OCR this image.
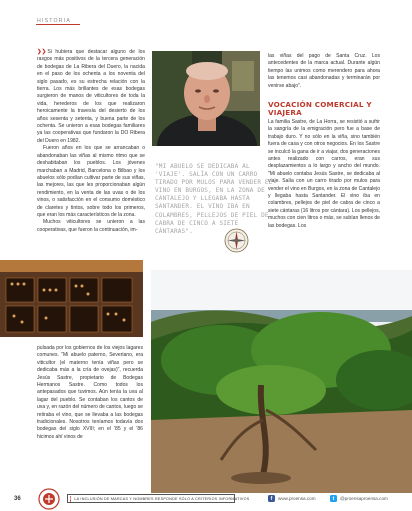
HISTORIA

❯❯Si hubiera que destacar alguno de los rasgos más positivos de la tercera generación de bodegas de La Ribera del Duero, la nacida en el paso de los ochenta a los noventa del siglo pasado, es su estrecha relación con la tierra. Los más brillantes de esas bodegas surgieron de manos de viticultores de toda la vida, herederos de los que realizaron heroicamente la travesía del desierto de los años sesenta y setenta, y buena parte de los ochenta. Se unieron a esas bodegas familiares ya las cooperativas que fundaron la DO Ribera del Duero en 1982.

Fueron años en los que se arrancaban o abandonaban las viñas al mismo ritmo que se deshabitaban los pueblos. Los jóvenes marchaban a Madrid, Barcelona o Bilbao y los abuelos sólo podían cultivar parte de sus viñas, las mejores, las que les proporcionaban algún rendimiento, en la venta de las uvas o de los vinos, o satisfacción en el consumo doméstico de claretes y tintos, sobre todo los primeros, que eran los más característicos de la zona.

Muchos viticultores se unieron a las cooperativas, que fueron la continuación, im-

las viñas del pago de Santa Cruz. Los antecedentes de la marca actual. Durante algún tiempo las unimos como merendero para ahora las tenemos casi abandonadas y terminarán por venirse abajo".

VOCACIÓN COMERCIAL Y VIAJERA

La familia Sastre, de La Horra, se resistió a sufrir la sangría de la emigración pero fue a base de trabajo duro. Y no sólo en la viña, sino también fuera de casa y con otros negocios. En los Sastre se inculcó la gana de ir a viajar, dos generaciones antes realizado con carros, eran sus desplazamientos a lo largo y ancho del mundo. "Mi abuelo contaba Jesús Sastre, se dedicaba al viaje. Salía con un carro tirado por mulos para vender el vino en Burgos, en la zona de Cantalejo y llegaba hasta Santander. El vino iba en colambres, pellejos de piel de cabra de cinco a siete cántaras (16 litros por cántara). Los pellejos, muchos con cien litros o más, se subían llenos de las bodegas. Los

"MI ABUELO SE DEDICABA AL 'VIAJE'. SALÍA CON UN CARRO TIRADO POR MULOS PARA VENDER EL VINO EN BURGOS, EN LA ZONA DE CANTALEJO Y LLEGABA HASTA SANTANDER. EL VINO IBA EN COLAMBRES, PELLEJOS DE PIEL DE CABRA DE CINCO A SIETE CÁNTARAS".

pulsada por los gobiernos de los viejos lagares comunes. "Mi abuelo paterno, Severiano, era viticultor (el materno tenía viñas pero se dedicaba más a la cría de ovejas)", recuerda Jesús Sastre, propietario de Bodegas Hermanos Sastre. Como todos los antepasados que tuvimos. Aún tenía la uva al lagar del pueblo. Se contaban los cantos de uva y, en razón del número de cantos, luego se retiraba el vino, que se llevaba a las bodegas tradicionales. Nosotros teníamos todavía dos bodegas del siglo XVIII; en el '85 y el '86 hicimos ahí vinos de

36	! LA INCLUSIÓN DE MARCAS Y NOMBRES RESPONDE SÓLO A CRITERIOS INFORMATIVOS	f	www.proensa.com	t	@proensaproensa.com
